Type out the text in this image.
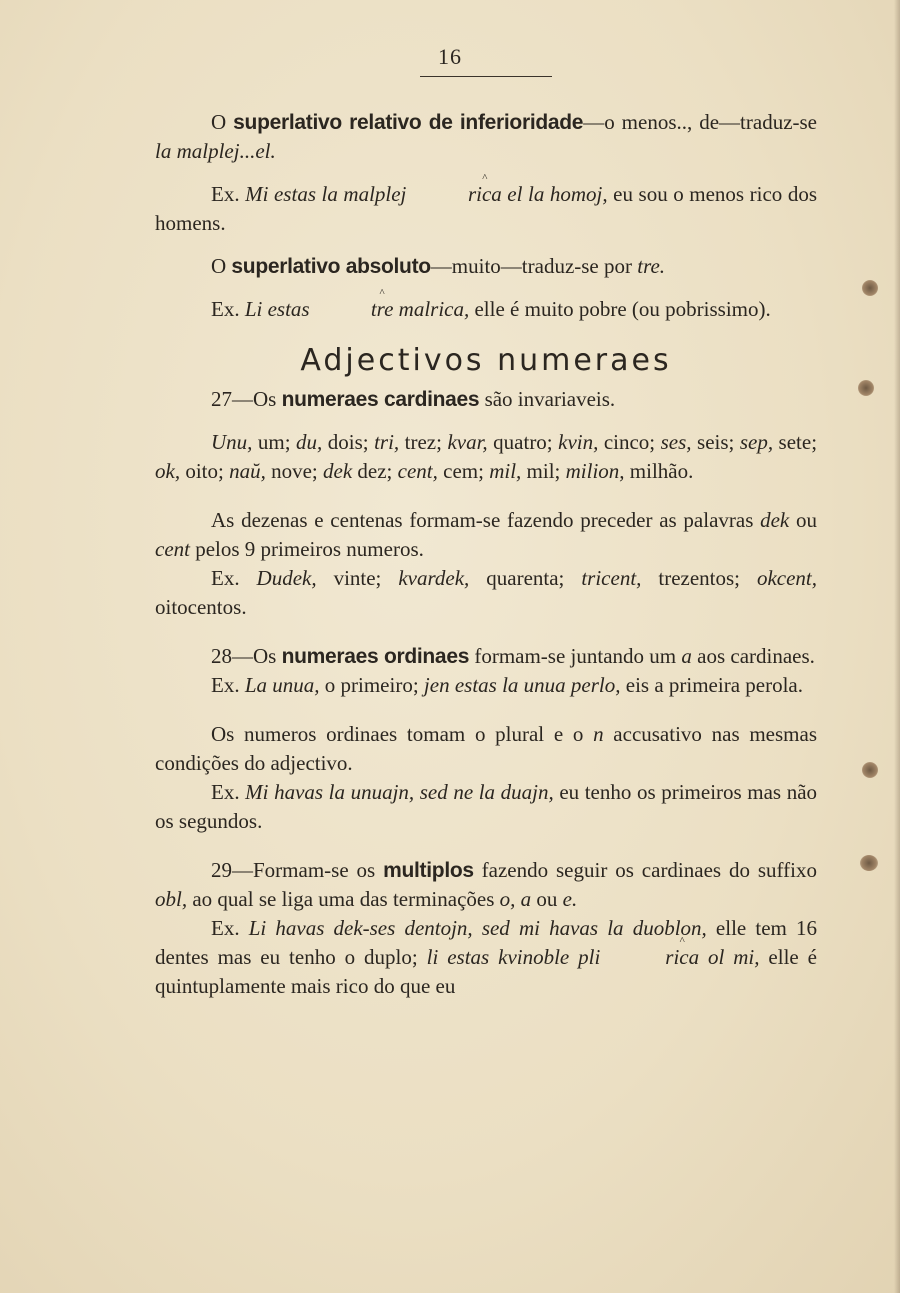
16

O superlativo relativo de inferioridade—o menos.., de—traduz-se la malplej...el.

Ex. Mi estas la malplej	^ rica el la homoj, eu sou o menos rico dos homens.

O superlativo absoluto—muito—traduz-se por tre.

Ex. Li estas	^ tre malrica, elle é muito pobre (ou pobrissimo).

Adjectivos numeraes

27—Os numeraes cardinaes são invariaveis.

Unu, um; du, dois; tri, trez; kvar, quatro; kvin, cinco; ses, seis; sep, sete; ok, oito; naŭ, nove; dek dez; cent, cem; mil, mil; milion, milhão.

As dezenas e centenas formam-se fazendo preceder as palavras dek ou cent pelos 9 primeiros numeros.

Ex. Dudek, vinte; kvardek, quarenta; tricent, trezentos; okcent, oitocentos.

28—Os numeraes ordinaes formam-se juntando um a aos cardinaes.

Ex. La unua, o primeiro; jen estas la unua perlo, eis a primeira perola.

Os numeros ordinaes tomam o plural e o n accusativo nas mesmas condições do adjectivo.

Ex. Mi havas la unuajn, sed ne la duajn, eu tenho os primeiros mas não os segundos.

29—Formam-se os multiplos fazendo seguir os cardinaes do suffixo obl, ao qual se liga uma das terminações o, a ou e.

Ex. Li havas dek-ses dentojn, sed mi havas la duoblon, elle tem 16 dentes mas eu tenho o duplo; li estas kvinoble pli	^ rica ol mi, elle é quintuplamente mais rico do que eu
